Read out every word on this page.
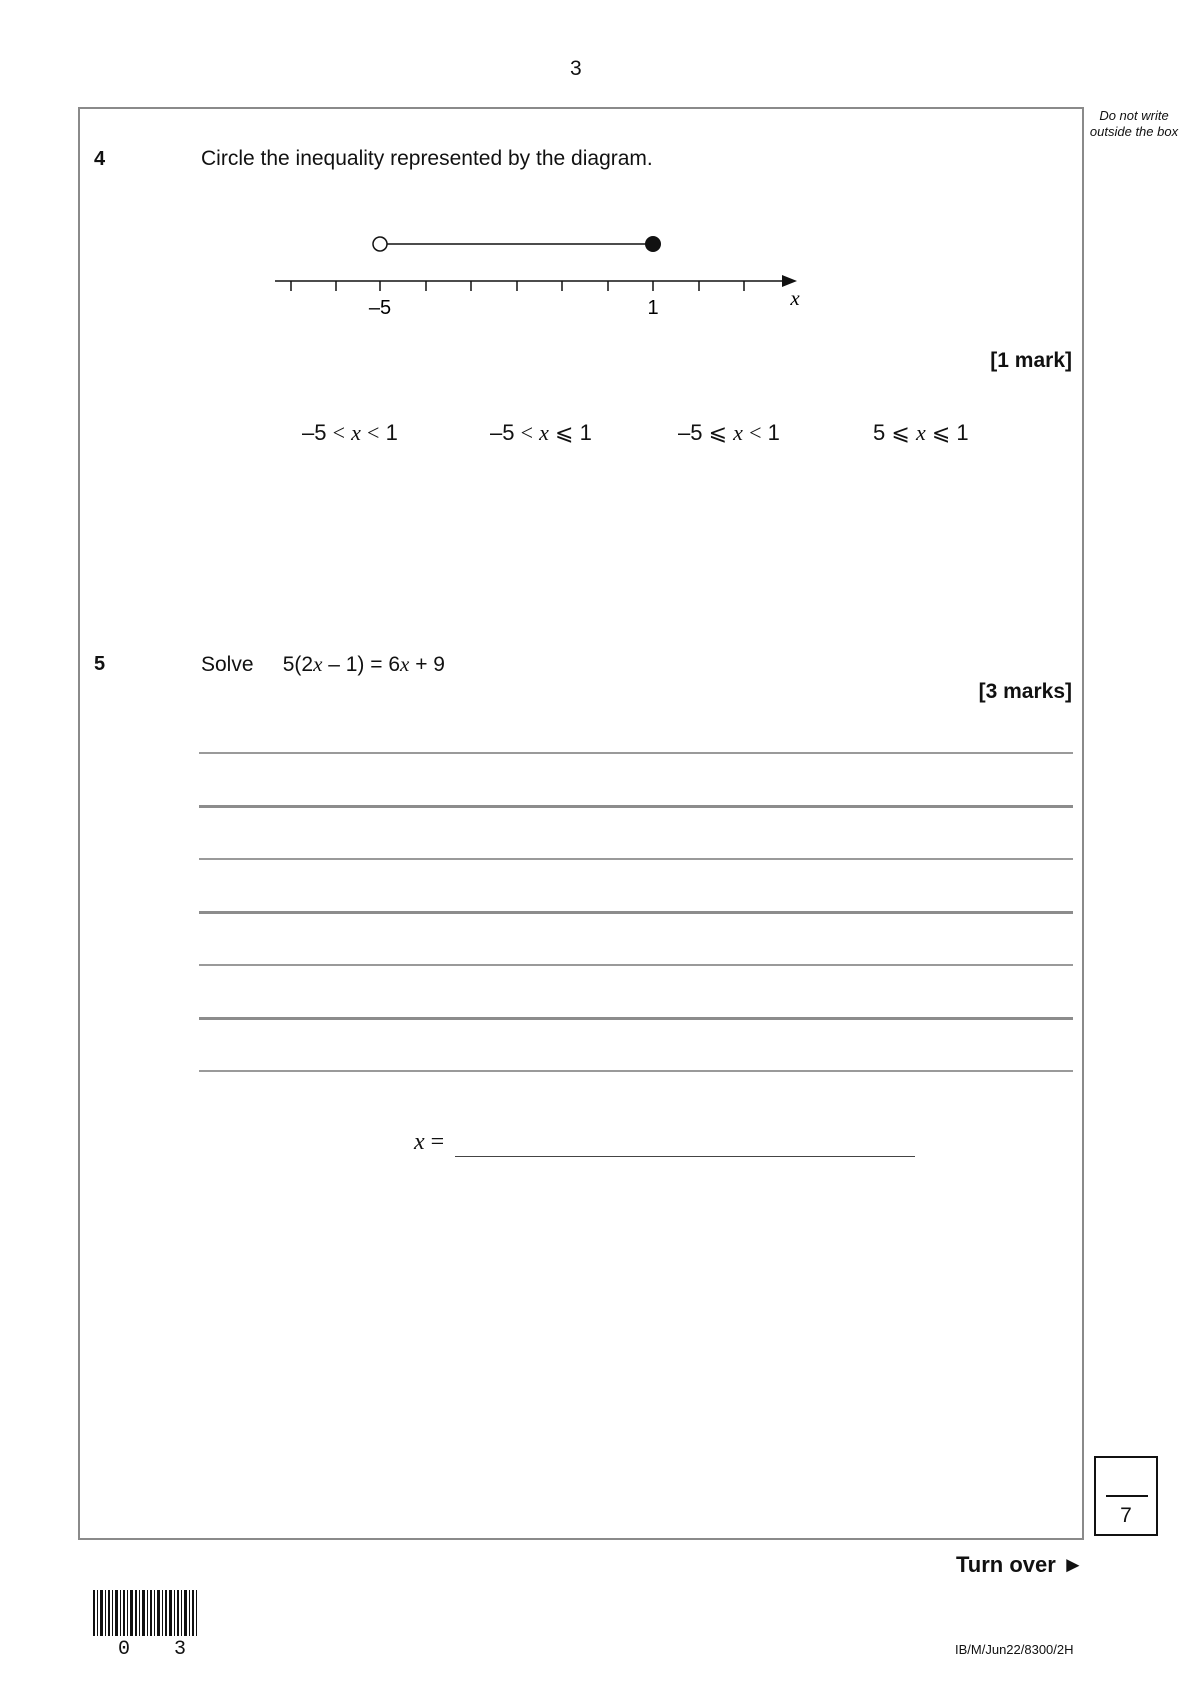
3
Do not write outside the box
4	Circle the inequality represented by the diagram.
–5	1	x
[1 mark]
–5 < x < 1	–5 < x ⩽ 1	–5 ⩽ x < 1	5 ⩽ x ⩽ 1
5	Solve 5(2x – 1) = 6x + 9
[3 marks]
x =
7
Turn over ►
0 3	IB/M/Jun22/8300/2H
